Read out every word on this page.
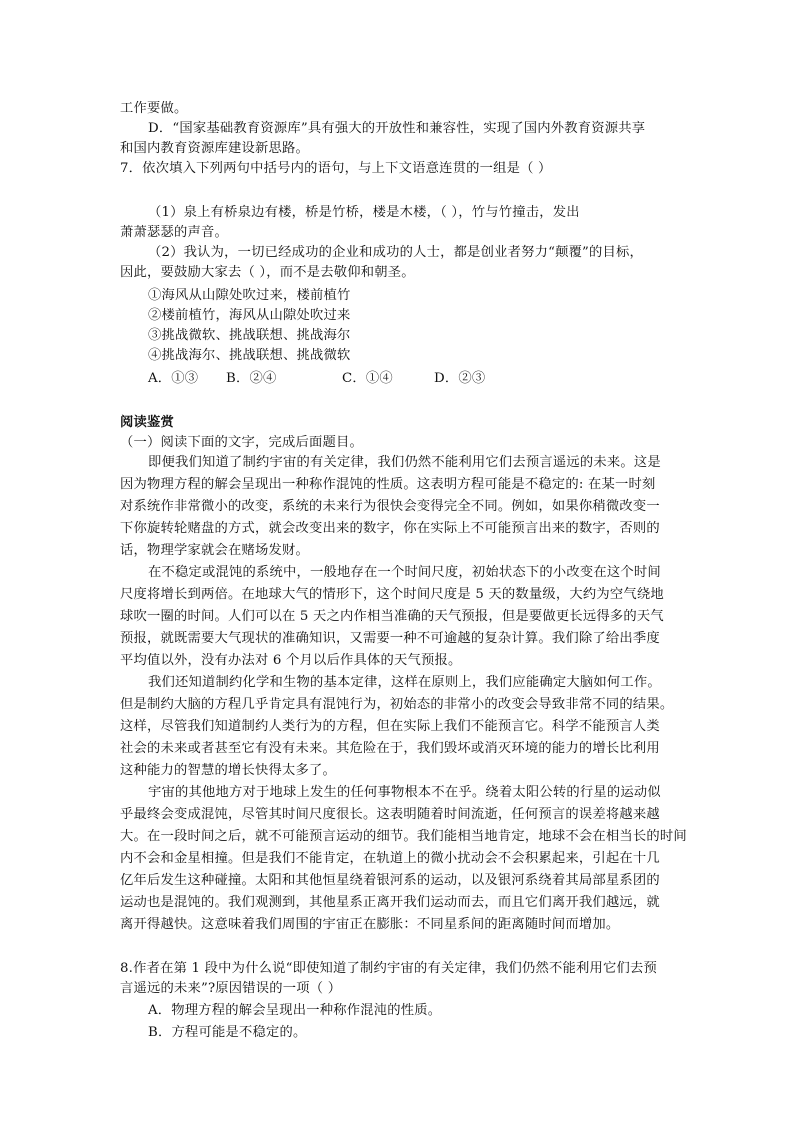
工作要做。
D．“国家基础教育资源库”具有强大的开放性和兼容性，实现了国内外教育资源共享
和国内教育资源库建设新思路。
7．依次填入下列两句中括号内的语句，与上下文语意连贯的一组是（ ）
（1）泉上有桥泉边有楼，桥是竹桥，楼是木楼，（ ），竹与竹撞击，发出
萧萧瑟瑟的声音。
（2）我认为，一切已经成功的企业和成功的人士，都是创业者努力“颠覆”的目标，
因此，要鼓励大家去（ ），而不是去敬仰和朝圣。
①海风从山隙处吹过来，楼前植竹
②楼前植竹，海风从山隙处吹过来
③挑战微软、挑战联想、挑战海尔
④挑战海尔、挑战联想、挑战微软
A．①③ B．②④	C．①④	D．②③
阅读鉴赏
（一）阅读下面的文字，完成后面题目。
即便我们知道了制约宇宙的有关定律，我们仍然不能利用它们去预言遥远的未来。这是
因为物理方程的解会呈现出一种称作混饨的性质。这表明方程可能是不稳定的: 在某一时刻
对系统作非常微小的改变，系统的未来行为很快会变得完全不同。例如，如果你稍微改变一
下你旋转轮赌盘的方式，就会改变出来的数字，你在实际上不可能预言出来的数字，否则的
话，物理学家就会在赌场发财。
在不稳定或混饨的系统中，一般地存在一个时间尺度，初始状态下的小改变在这个时间
尺度将增长到两倍。在地球大气的情形下，这个时间尺度是 5 天的数量级，大约为空气绕地
球吹一圈的时间。人们可以在 5 天之内作相当准确的天气预报，但是要做更长远得多的天气
预报，就既需要大气现状的准确知识，又需要一种不可逾越的复杂计算。我们除了给出季度
平均值以外，没有办法对 6 个月以后作具体的天气预报。
我们还知道制约化学和生物的基本定律，这样在原则上，我们应能确定大脑如何工作。
但是制约大脑的方程几乎肯定具有混饨行为，初始态的非常小的改变会导致非常不同的结果。
这样，尽管我们知道制约人类行为的方程，但在实际上我们不能预言它。科学不能预言人类
社会的未来或者甚至它有没有未来。其危险在于，我们毁坏或消灭环境的能力的增长比利用
这种能力的智慧的增长快得太多了。
宇宙的其他地方对于地球上发生的任何事物根本不在乎。绕着太阳公转的行星的运动似
乎最终会变成混饨，尽管其时间尺度很长。这表明随着时间流逝，任何预言的误差将越来越
大。在一段时间之后，就不可能预言运动的细节。我们能相当地肯定，地球不会在相当长的时间
内不会和金星相撞。但是我们不能肯定，在轨道上的微小扰动会不会积累起来，引起在十几
亿年后发生这种碰撞。太阳和其他恒星绕着银河系的运动，以及银河系绕着其局部星系团的
运动也是混饨的。我们观测到，其他星系正离开我们运动而去，而且它们离开我们越远，就
离开得越快。这意味着我们周围的宇宙正在膨胀：不同星系间的距离随时间而增加。
8.作者在第 1 段中为什么说“即使知道了制约宇宙的有关定律，我们仍然不能利用它们去预
言遥远的未来”?原因错误的一项（ ）
A．物理方程的解会呈现出一种称作混沌的性质。
B．方程可能是不稳定的。
